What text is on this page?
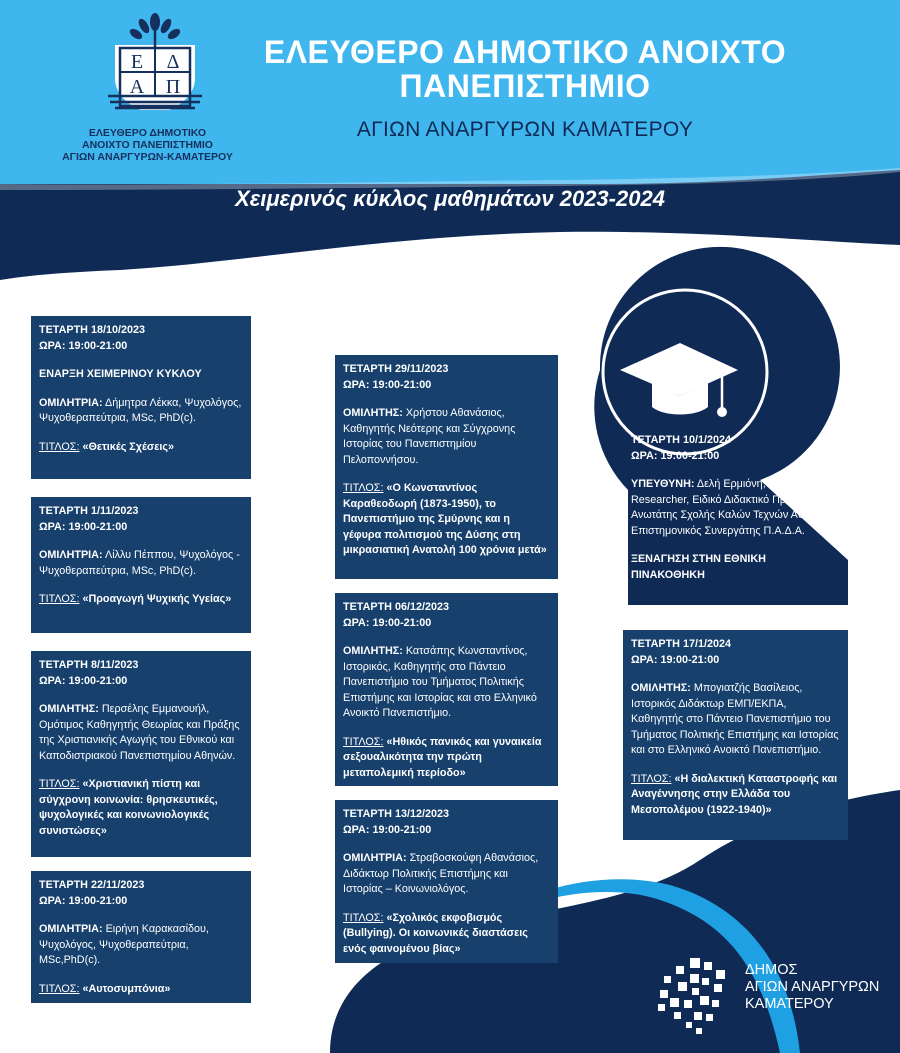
Ε Δ
Α Π
ΕΛΕΥΘΕΡΟ ΔΗΜΟΤΙΚΟ ΑΝΟΙΧΤΟ
ΠΑΝΕΠΙΣΤΗΜΙΟ
ΑΓΙΩΝ ΑΝΑΡΓΥΡΩΝ ΚΑΜΑΤΕΡΟΥ
ΕΛΕΥΘΕΡΟ ΔΗΜΟΤΙΚΟ
ΑΝΟΙΧΤΟ ΠΑΝΕΠΙΣΤΗΜΙΟ
ΑΓΙΩΝ ΑΝΑΡΓΥΡΩΝ-ΚΑΜΑΤΕΡΟΥ
Χειμερινός κύκλος μαθημάτων 2023-2024
ΤΕΤΑΡΤΗ 18/10/2023
ΩΡΑ: 19:00-21:00

ΕΝΑΡΞΗ ΧΕΙΜΕΡΙΝΟΥ ΚΥΚΛΟΥ

ΟΜΙΛΗΤΡΙΑ: Δήμητρα Λέκκα, Ψυχολόγος, Ψυχοθεραπεύτρια, MSc, PhD(c).

ΤΙΤΛΟΣ: «Θετικές Σχέσεις»

ΤΕΤΑΡΤΗ 1/11/2023
ΩΡΑ: 19:00-21:00

ΟΜΙΛΗΤΡΙΑ: Λίλλυ Πέππου, Ψυχολόγος - Ψυχοθεραπεύτρια, MSc, PhD(c).

ΤΙΤΛΟΣ: «Προαγωγή Ψυχικής Υγείας»

ΤΕΤΑΡΤΗ 8/11/2023
ΩΡΑ: 19:00-21:00

ΟΜΙΛΗΤΗΣ: Περσέλης Εμμανουήλ, Ομότιμος Καθηγητής Θεωρίας και Πράξης της Χριστιανικής Αγωγής του Εθνικού και Καποδιστριακού Πανεπιστημίου Αθηνών.

ΤΙΤΛΟΣ: «Χριστιανική πίστη και σύγχρονη κοινωνία: θρησκευτικές, ψυχολογικές και κοινωνιολογικές συνιστώσες»

ΤΕΤΑΡΤΗ 22/11/2023
ΩΡΑ: 19:00-21:00

ΟΜΙΛΗΤΡΙΑ: Ειρήνη Καρακασίδου, Ψυχολόγος, Ψυχοθεραπεύτρια, MSc,PhD(c).

ΤΙΤΛΟΣ: «Αυτοσυμπόνια»

ΤΕΤΑΡΤΗ 29/11/2023
ΩΡΑ: 19:00-21:00

ΟΜΙΛΗΤΗΣ: Χρήστου Αθανάσιος, Καθηγητής Νεότερης και Σύγχρονης Ιστορίας του Πανεπιστημίου Πελοποννήσου.

ΤΙΤΛΟΣ: «Ο Κωνσταντίνος Καραθεοδωρή (1873-1950), το Πανεπιστήμιο της Σμύρνης και η γέφυρα πολιτισμού της Δύσης στη μικρασιατική Ανατολή 100 χρόνια μετά»

ΤΕΤΑΡΤΗ 06/12/2023
ΩΡΑ: 19:00-21:00

ΟΜΙΛΗΤΗΣ: Κατσάπης Κωνσταντίνος, Ιστορικός, Καθηγητής στο Πάντειο Πανεπιστήμιο του Τμήματος Πολιτικής Επιστήμης και Ιστορίας και στο Ελληνικό Ανοικτό Πανεπιστήμιο.

ΤΙΤΛΟΣ: «Ηθικός πανικός και γυναικεία σεξουαλικότητα την πρώτη μεταπολεμική περίοδο»

ΤΕΤΑΡΤΗ 13/12/2023
ΩΡΑ: 19:00-21:00

ΟΜΙΛΗΤΡΙΑ: Στραβοσκούφη Αθανάσιος, Διδάκτωρ Πολιτικής Επιστήμης και Ιστορίας – Κοινωνιολόγος.

ΤΙΤΛΟΣ: «Σχολικός εκφοβισμός (Bullying). Οι κοινωνικές διαστάσεις ενός φαινομένου βίας»

ΤΕΤΑΡΤΗ 10/1/2024
ΩΡΑ: 19:00-21:00

ΥΠΕΥΘΥΝΗ: Δελή Ερμιόνη, PhD, Post Doc Researcher, Ειδικό Διδακτικό Προσωπικό Ανωτάτης Σχολής Καλών Τεχνών Αθηνών, Επιστημονικός Συνεργάτης Π.Α.Δ.Α.

ΞΕΝΑΓΗΣΗ ΣΤΗΝ ΕΘΝΙΚΗ ΠΙΝΑΚΟΘΗΚΗ

ΤΕΤΑΡΤΗ 17/1/2024
ΩΡΑ: 19:00-21:00

ΟΜΙΛΗΤΗΣ: Μπογιατζής Βασίλειος, Ιστορικός Διδάκτωρ ΕΜΠ/ΕΚΠΑ, Καθηγητής στο Πάντειο Πανεπιστήμιο του Τμήματος Πολιτικής Επιστήμης και Ιστορίας και στο Ελληνικό Ανοικτό Πανεπιστήμιο.

ΤΙΤΛΟΣ: «Η διαλεκτική Καταστροφής και Αναγέννησης στην Ελλάδα του Μεσοπολέμου (1922-1940)»

ΔΗΜΟΣ
ΑΓΙΩΝ ΑΝΑΡΓΥΡΩΝ
ΚΑΜΑΤΕΡΟΥ
